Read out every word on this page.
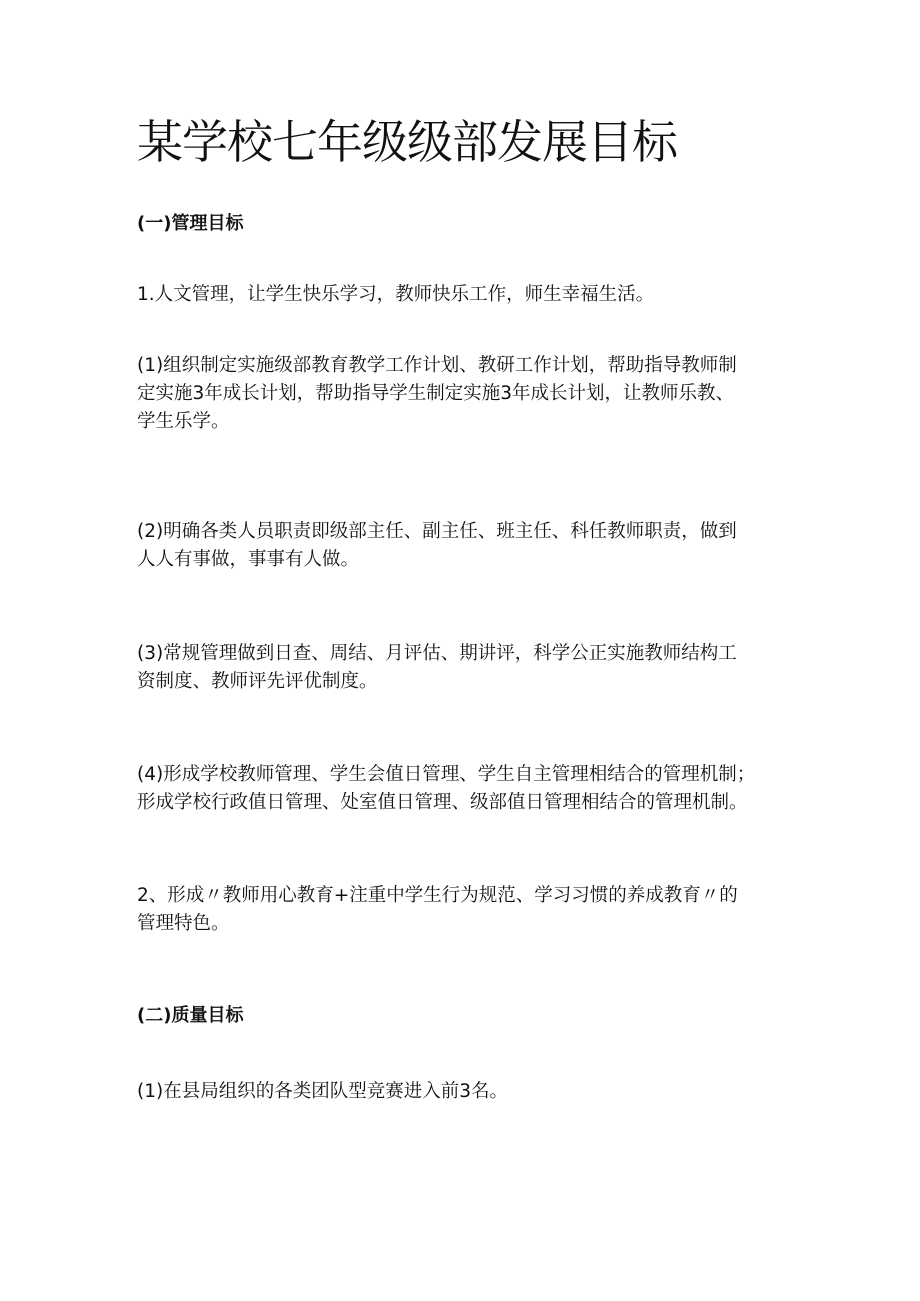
某学校七年级级部发展目标
(一)管理目标
1.人文管理，让学生快乐学习，教师快乐工作，师生幸福生活。
(1)组织制定实施级部教育教学工作计划、教研工作计划，帮助指导教师制
定实施3年成长计划，帮助指导学生制定实施3年成长计划，让教师乐教、
学生乐学。
(2)明确各类人员职责即级部主任、副主任、班主任、科任教师职责，做到
人人有事做，事事有人做。
(3)常规管理做到日查、周结、月评估、期讲评，科学公正实施教师结构工
资制度、教师评先评优制度。
(4)形成学校教师管理、学生会值日管理、学生自主管理相结合的管理机制；
形成学校行政值日管理、处室值日管理、级部值日管理相结合的管理机制。
2、形成〃教师用心教育+注重中学生行为规范、学习习惯的养成教育〃的
管理特色。
(二)质量目标
(1)在县局组织的各类团队型竞赛进入前3名。
